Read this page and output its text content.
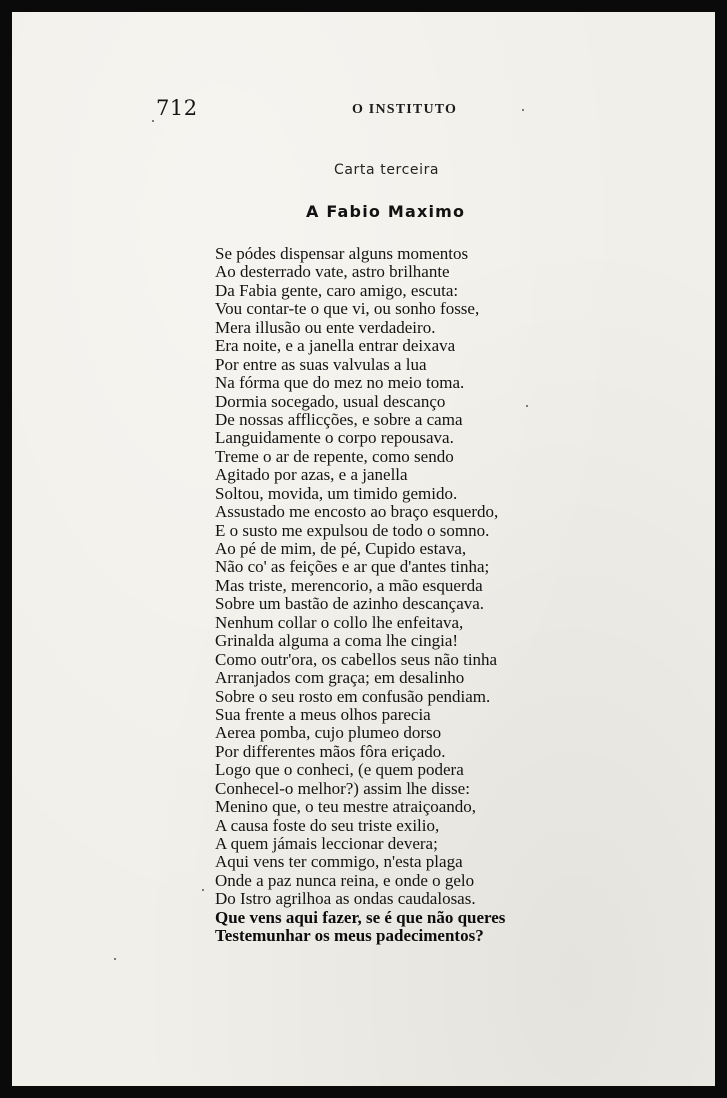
712	O INSTITUTO
Carta terceira
A Fabio Maximo
Se pódes dispensar alguns momentos
Ao desterrado vate, astro brilhante
Da Fabia gente, caro amigo, escuta:
Vou contar-te o que vi, ou sonho fosse,
Mera illusão ou ente verdadeiro.
Era noite, e a janella entrar deixava
Por entre as suas valvulas a lua
Na fórma que do mez no meio toma.
Dormia socegado, usual descanço
De nossas afflicções, e sobre a cama
Languidamente o corpo repousava.
Treme o ar de repente, como sendo
Agitado por azas, e a janella
Soltou, movida, um timido gemido.
Assustado me encosto ao braço esquerdo,
E o susto me expulsou de todo o somno.
Ao pé de mim, de pé, Cupido estava,
Não co' as feições e ar que d'antes tinha;
Mas triste, merencorio, a mão esquerda
Sobre um bastão de azinho descançava.
Nenhum collar o collo lhe enfeitava,
Grinalda alguma a coma lhe cingia!
Como outr'ora, os cabellos seus não tinha
Arranjados com graça; em desalinho
Sobre o seu rosto em confusão pendiam.
Sua frente a meus olhos parecia
Aerea pomba, cujo plumeo dorso
Por differentes mãos fôra eriçado.
Logo que o conheci, (e quem podera
Conhecel-o melhor?) assim lhe disse:
Menino que, o teu mestre atraiçoando,
A causa foste do seu triste exilio,
A quem jámais leccionar devera;
Aqui vens ter commigo, n'esta plaga
Onde a paz nunca reina, e onde o gelo
Do Istro agrilhoa as ondas caudalosas.
Que vens aqui fazer, se é que não queres
Testemunhar os meus padecimentos?
